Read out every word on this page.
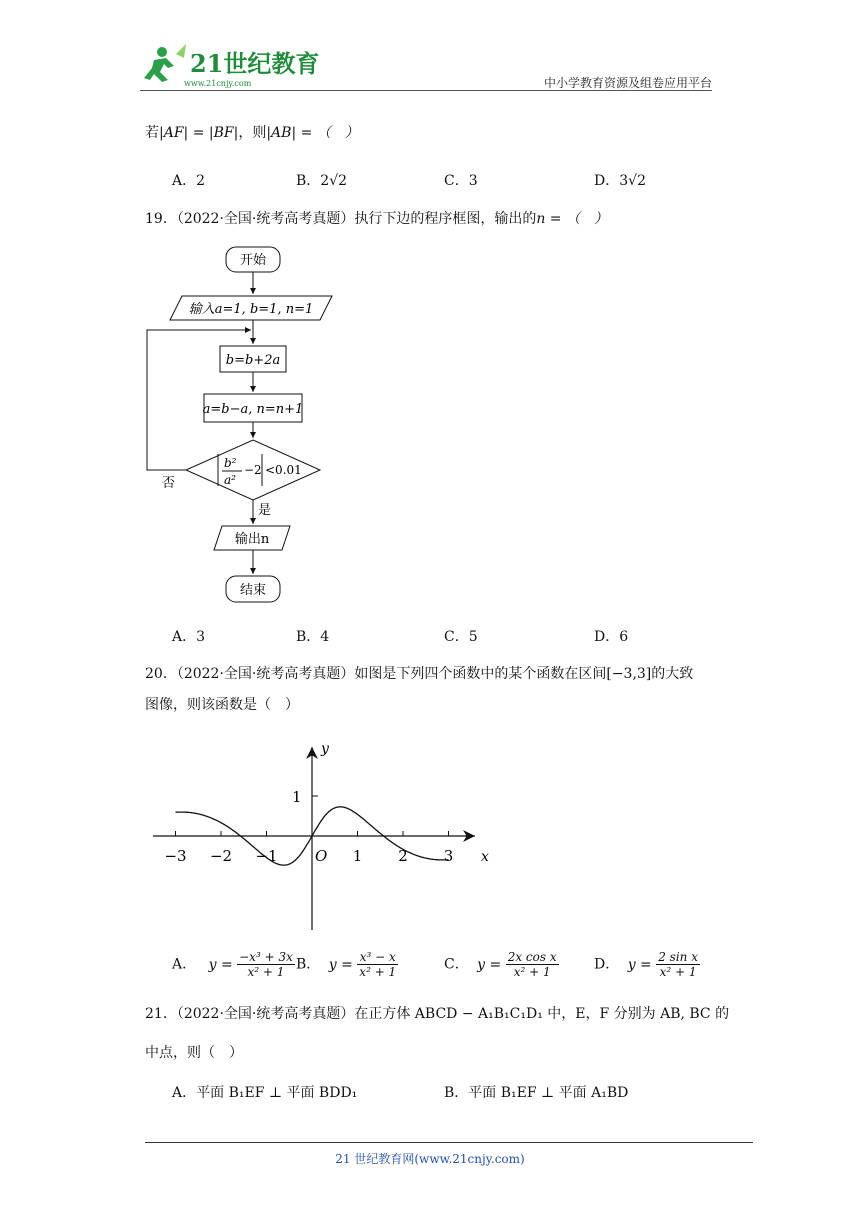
21世纪教育
www.21cnjy.com	中小学教育资源及组卷应用平台
若|AF| = |BF|，则|AB| = （　）
A．2	B．2√2	C．3	D．3√2
19．（2022·全国·统考高考真题）执行下边的程序框图，输出的n = （　）
开始
输入a=1, b=1, n=1
b=b+2a
a=b−a, n=n+1
b²
a²
−2 <0.01
否
是
输出n
结束
A．3	B．4	C．5	D．6
20．（2022·全国·统考高考真题）如图是下列四个函数中的某个函数在区间[−3,3]的大致
图像，则该函数是（　）
−3 −2 −1	1 2 3 x
y
O
1
A． $y = \frac{\text{−x³ + 3x}}{\text{x² + 1}}$ B． $y = \frac{\text{x³ − x}}{\text{x² + 1}}$	C． $y = \frac{\text{2x cos x}}{\text{x² + 1}}$	D． $y = \frac{\text{2 sin x}}{\text{x² + 1}}$
21．（2022·全国·统考高考真题）在正方体 ABCD − A₁B₁C₁D₁ 中，E，F 分别为 AB, BC 的
中点，则（　）
A．平面 B₁EF ⊥ 平面 BDD₁	B．平面 B₁EF ⊥ 平面 A₁BD
21 世纪教育网(www.21cnjy.com)
